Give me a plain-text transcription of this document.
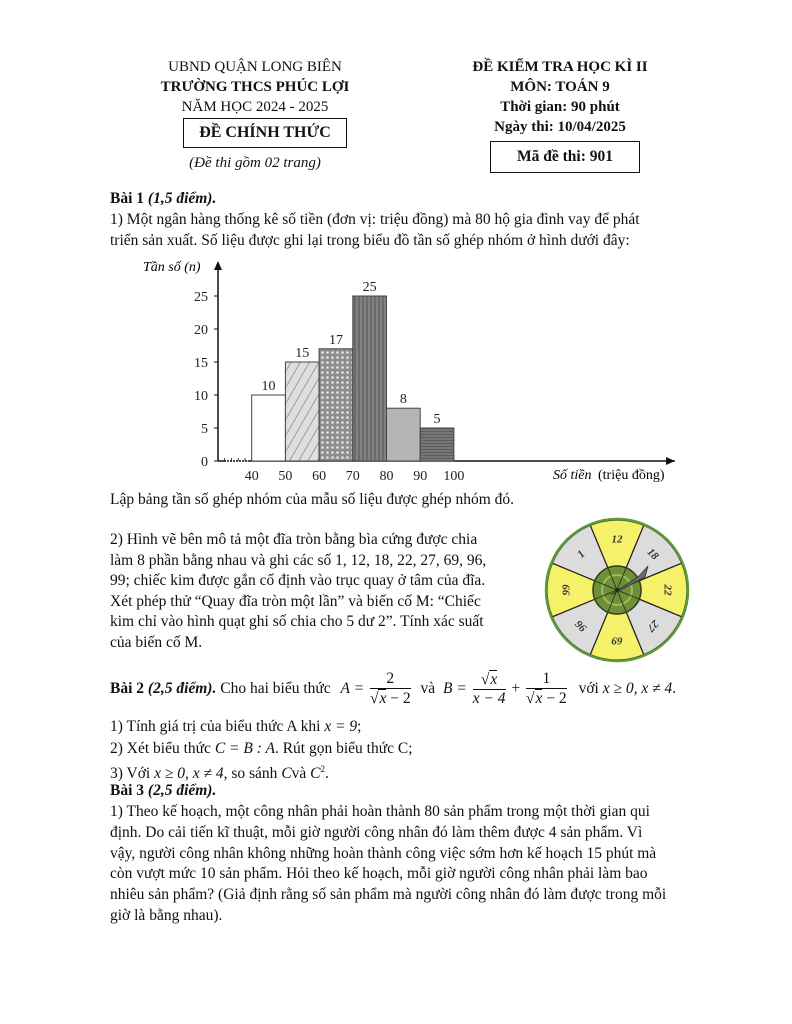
UBND QUẬN LONG BIÊN
TRƯỜNG THCS PHÚC LỢI
NĂM HỌC 2024 - 2025
ĐỀ CHÍNH THỨC
(Đề thi gồm 02 trang)
ĐỀ KIỂM TRA HỌC KÌ II
MÔN: TOÁN 9
Thời gian: 90 phút
Ngày thi: 10/04/2025
Mã đề thi: 901
Bài 1 (1,5 điểm).
1) Một ngân hàng thống kê số tiền (đơn vị: triệu đồng) mà 80 hộ gia đình vay để phát
triển sản xuất. Số liệu được ghi lại trong biểu đồ tần số ghép nhóm ở hình dưới đây:
0
5
10
15
20
25
40 50 60 70 80 90 100
10
15
17
25
8
5
Tần số (n)
Số tiền (triệu đồng)
Lập bảng tần số ghép nhóm của mẫu số liệu được ghép nhóm đó.
2) Hình vẽ bên mô tả một đĩa tròn bằng bìa cứng được chia
làm 8 phần bằng nhau và ghi các số 1, 12, 18, 22, 27, 69, 96,
99; chiếc kim được gắn cố định vào trục quay ở tâm của đĩa.
Xét phép thử “Quay đĩa tròn một lần” và biến cố M: “Chiếc
kim chỉ vào hình quạt ghi số chia cho 5 dư 2”. Tính xác suất
của biến cố M.
12
18
22
27
69
96
99
1
Bài 2 (2,5 điểm). Cho hai biểu thức $A = \frac{2}{√x - 2}$ và $B = \frac{√x}{x - 4} + \frac{1}{√x - 2}$ với x ≥ 0, x ≠ 4.
1) Tính giá trị của biểu thức A khi x = 9;
2) Xét biểu thức C = B : A. Rút gọn biểu thức C;
3) Với x ≥ 0, x ≠ 4, so sánh Cvà $C^2$.
Bài 3 (2,5 điểm).
1) Theo kế hoạch, một công nhân phải hoàn thành 80 sản phẩm trong một thời gian qui
định. Do cải tiến kĩ thuật, mỗi giờ người công nhân đó làm thêm được 4 sản phẩm. Vì
vậy, người công nhân không những hoàn thành công việc sớm hơn kế hoạch 15 phút mà
còn vượt mức 10 sản phẩm. Hỏi theo kế hoạch, mỗi giờ người công nhân phải làm bao
nhiêu sản phẩm? (Giả định rằng số sản phẩm mà người công nhân đó làm được trong mỗi
giờ là bằng nhau).
